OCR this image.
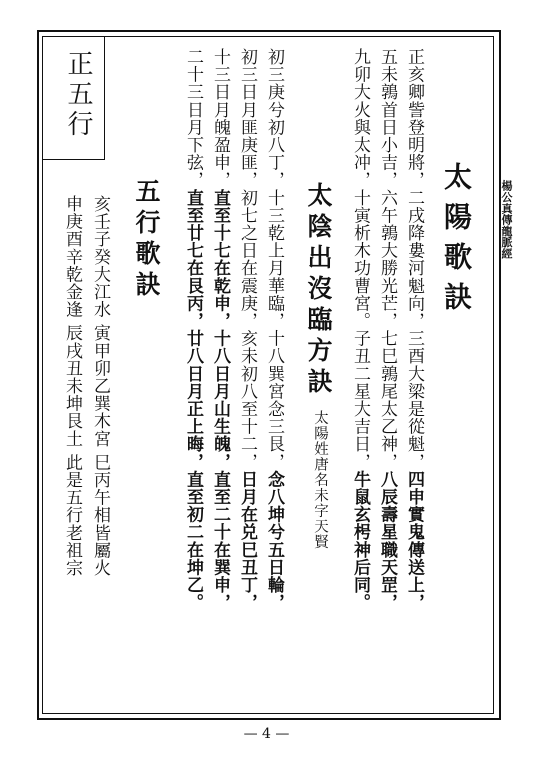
楊公真傳龍脈經
太陽歌訣
正亥卿訾登明將，二戌降婁河魁向，三酉大梁是從魁，四申實鬼傳送上，
五未鶉首日小吉，六午鶉大勝光芒，七巳鶉尾太乙神，八辰壽星職天罡，
九卯大火與太冲，十寅析木功曹宮。子丑二星大吉日，牛鼠玄枵神后同。
太陰出沒臨方訣
太陽姓唐名未字天賢
初三庚兮初八丁，十三乾上月華臨，十八巽宮念三艮，念八坤兮五日輪，
初三日月匪庚匪，初七之日在震庚，亥未初八至十二，日月在兑巳丑丁，
十三日月魄盈申，直至十七在乾申，十八日月山生魄，直至二十在巽申，
二十三日月下弦，直至廿七在艮丙，廿八日月正上晦，直至初二在坤乙。
五行歌訣
亥壬子癸大江水 寅甲卯乙巽木宮 巳丙午相皆屬火
申庚酉辛乾金逢 辰戌丑未坤艮土 此是五行老祖宗
正五行
— 4 —
